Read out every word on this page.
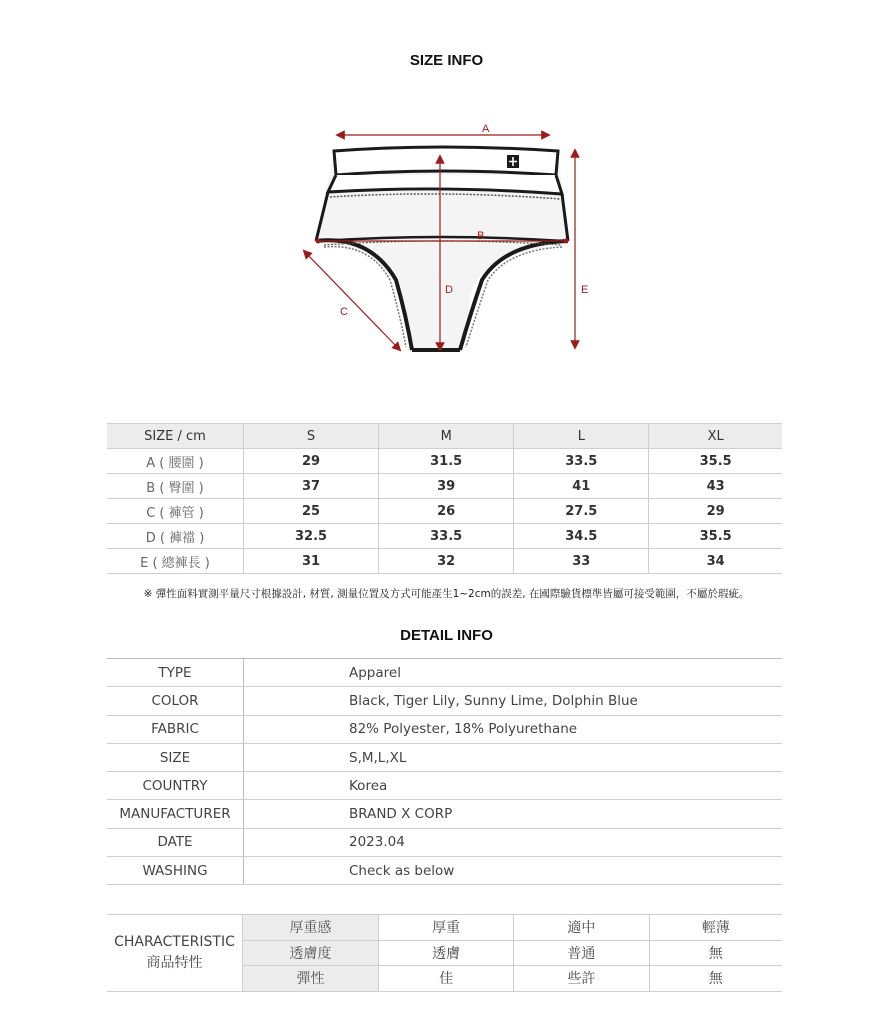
SIZE INFO
A
B
C
D	E
SIZE / cm	S	M	L	XL
A ( 腰圍 )	29	31.5	33.5	35.5
B ( 臀圍 )	37	39	41	43
C ( 褲管 )	25	26	27.5	29
D ( 褲襠 )	32.5	33.5	34.5	35.5
E ( 總褲長 )	31	32	33	34
※ 彈性面料實測平量尺寸根據設計, 材質, 測量位置及方式可能產生1~2cm的誤差, 在國際驗貨標準皆屬可接受範圍，不屬於瑕疵。
DETAIL INFO
TYPE	Apparel
COLOR	Black, Tiger Lily, Sunny Lime, Dolphin Blue
FABRIC	82% Polyester, 18% Polyurethane
SIZE	S,M,L,XL
COUNTRY	Korea
MANUFACTURER	BRAND X CORP
DATE	2023.04
WASHING	Check as below
CHARACTERISTIC
商品特性	厚重感	厚重	適中	輕薄
	透膚度	透膚	普通	無
	彈性	佳	些許	無
